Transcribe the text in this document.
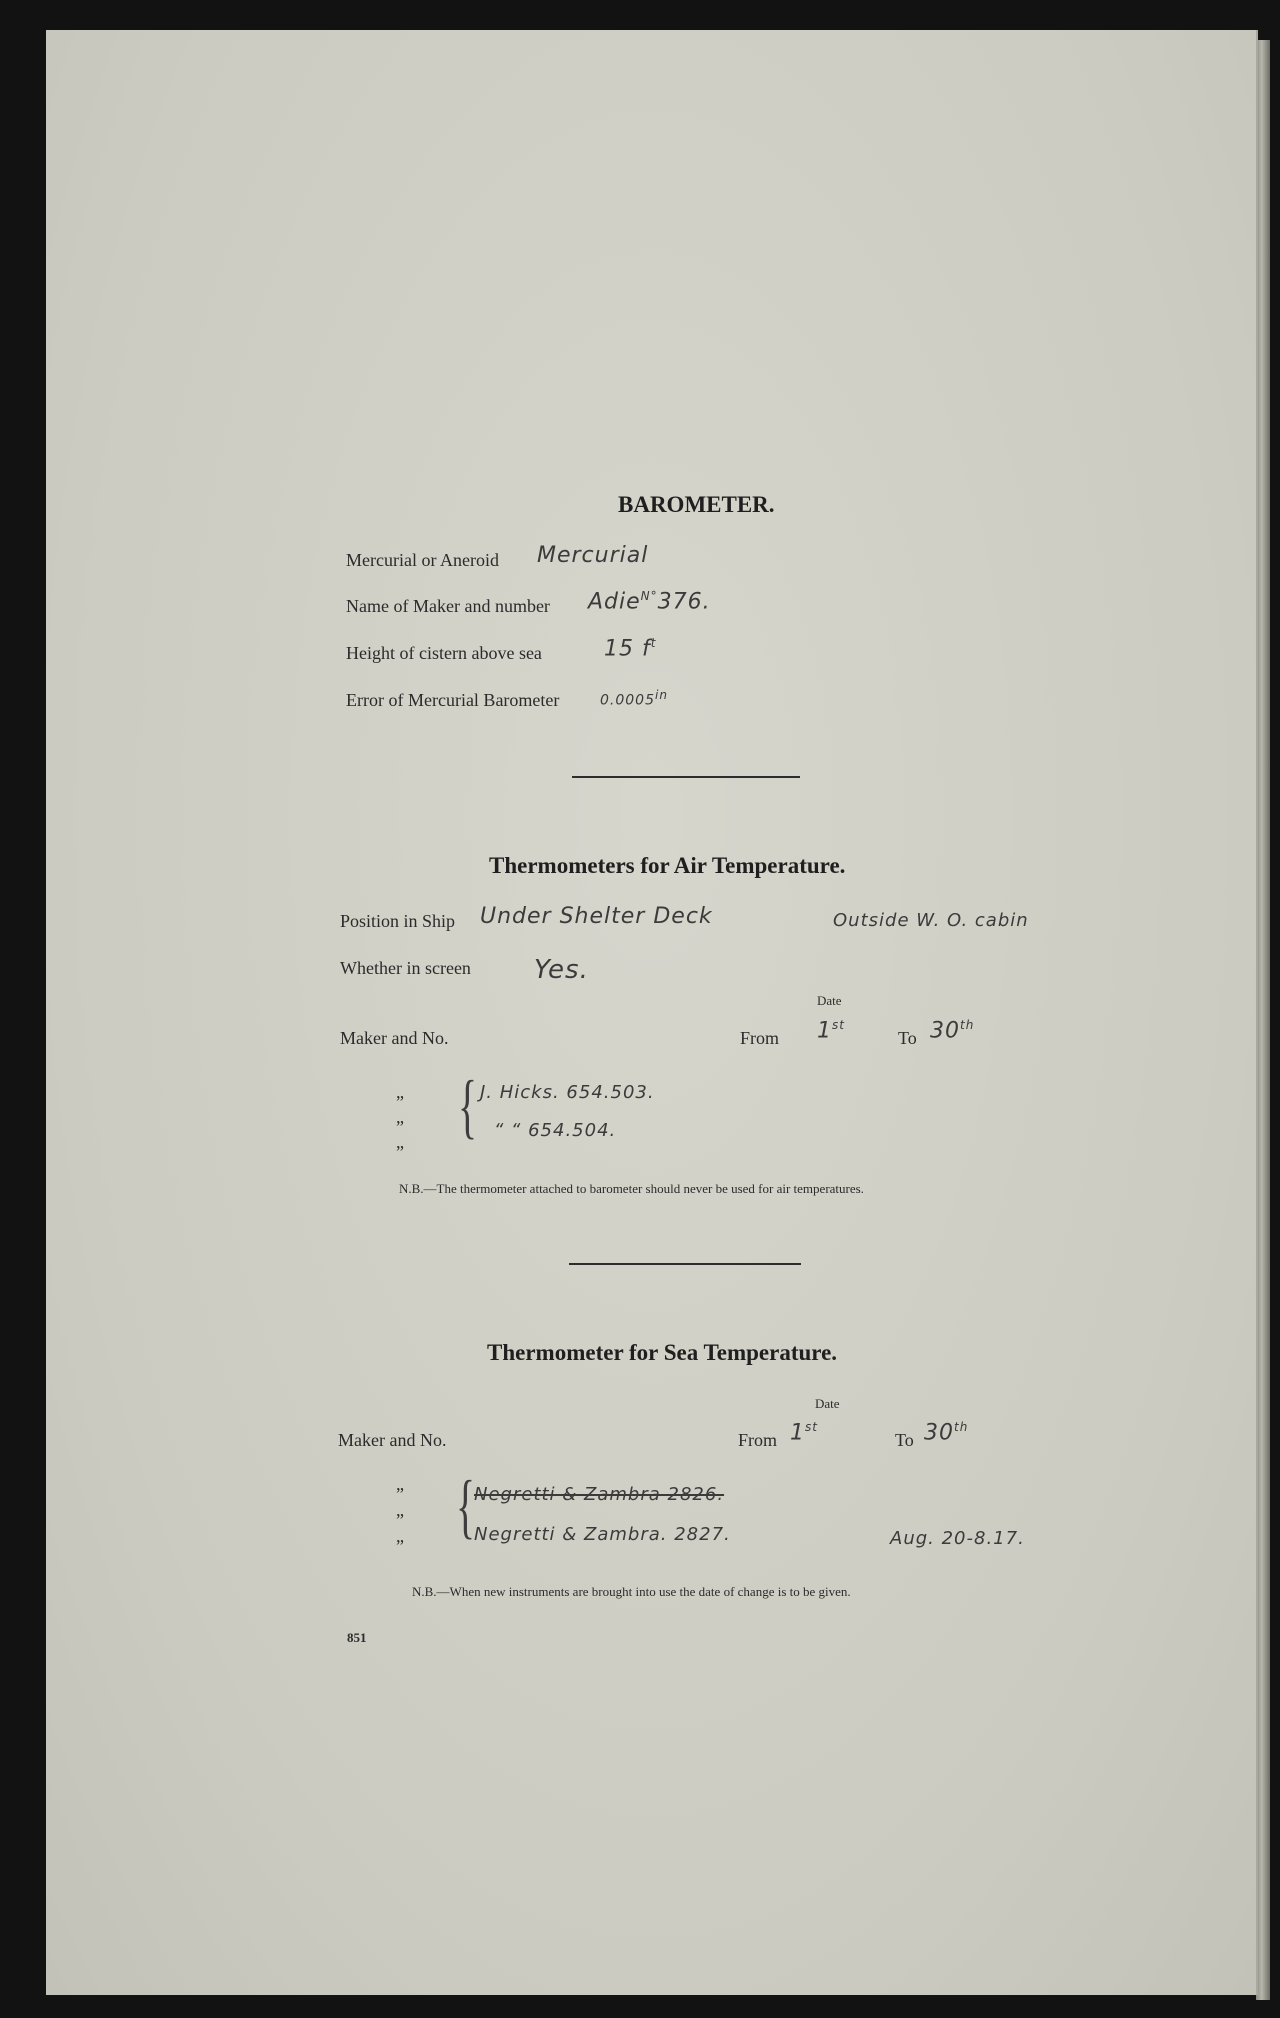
BAROMETER.
Mercurial or Aneroid Mercurial
Name of Maker and number Adie$^{N^\circ}$376.
Height of cistern above sea	15 $f^t$
Error of Mercurial Barometer	0.0005in
Thermometers for Air Temperature.
Position in Ship Under Shelter Deck	Outside W. O. cabin
Whether in screen Yes.
Date
Maker and No.	From 1st
To 30th
”
”
”
{ J. Hicks. 654.503.
“ “ 654.504.
N.B.—The thermometer attached to barometer should never be used for air temperatures.
Thermometer for Sea Temperature.
Date
Maker and No.	From 1st
To 30th
”
”
” {
Negretti & Zambra 2826.
Negretti & Zambra. 2827.	Aug. 20-8.17.
N.B.—When new instruments are brought into use the date of change is to be given.
851
